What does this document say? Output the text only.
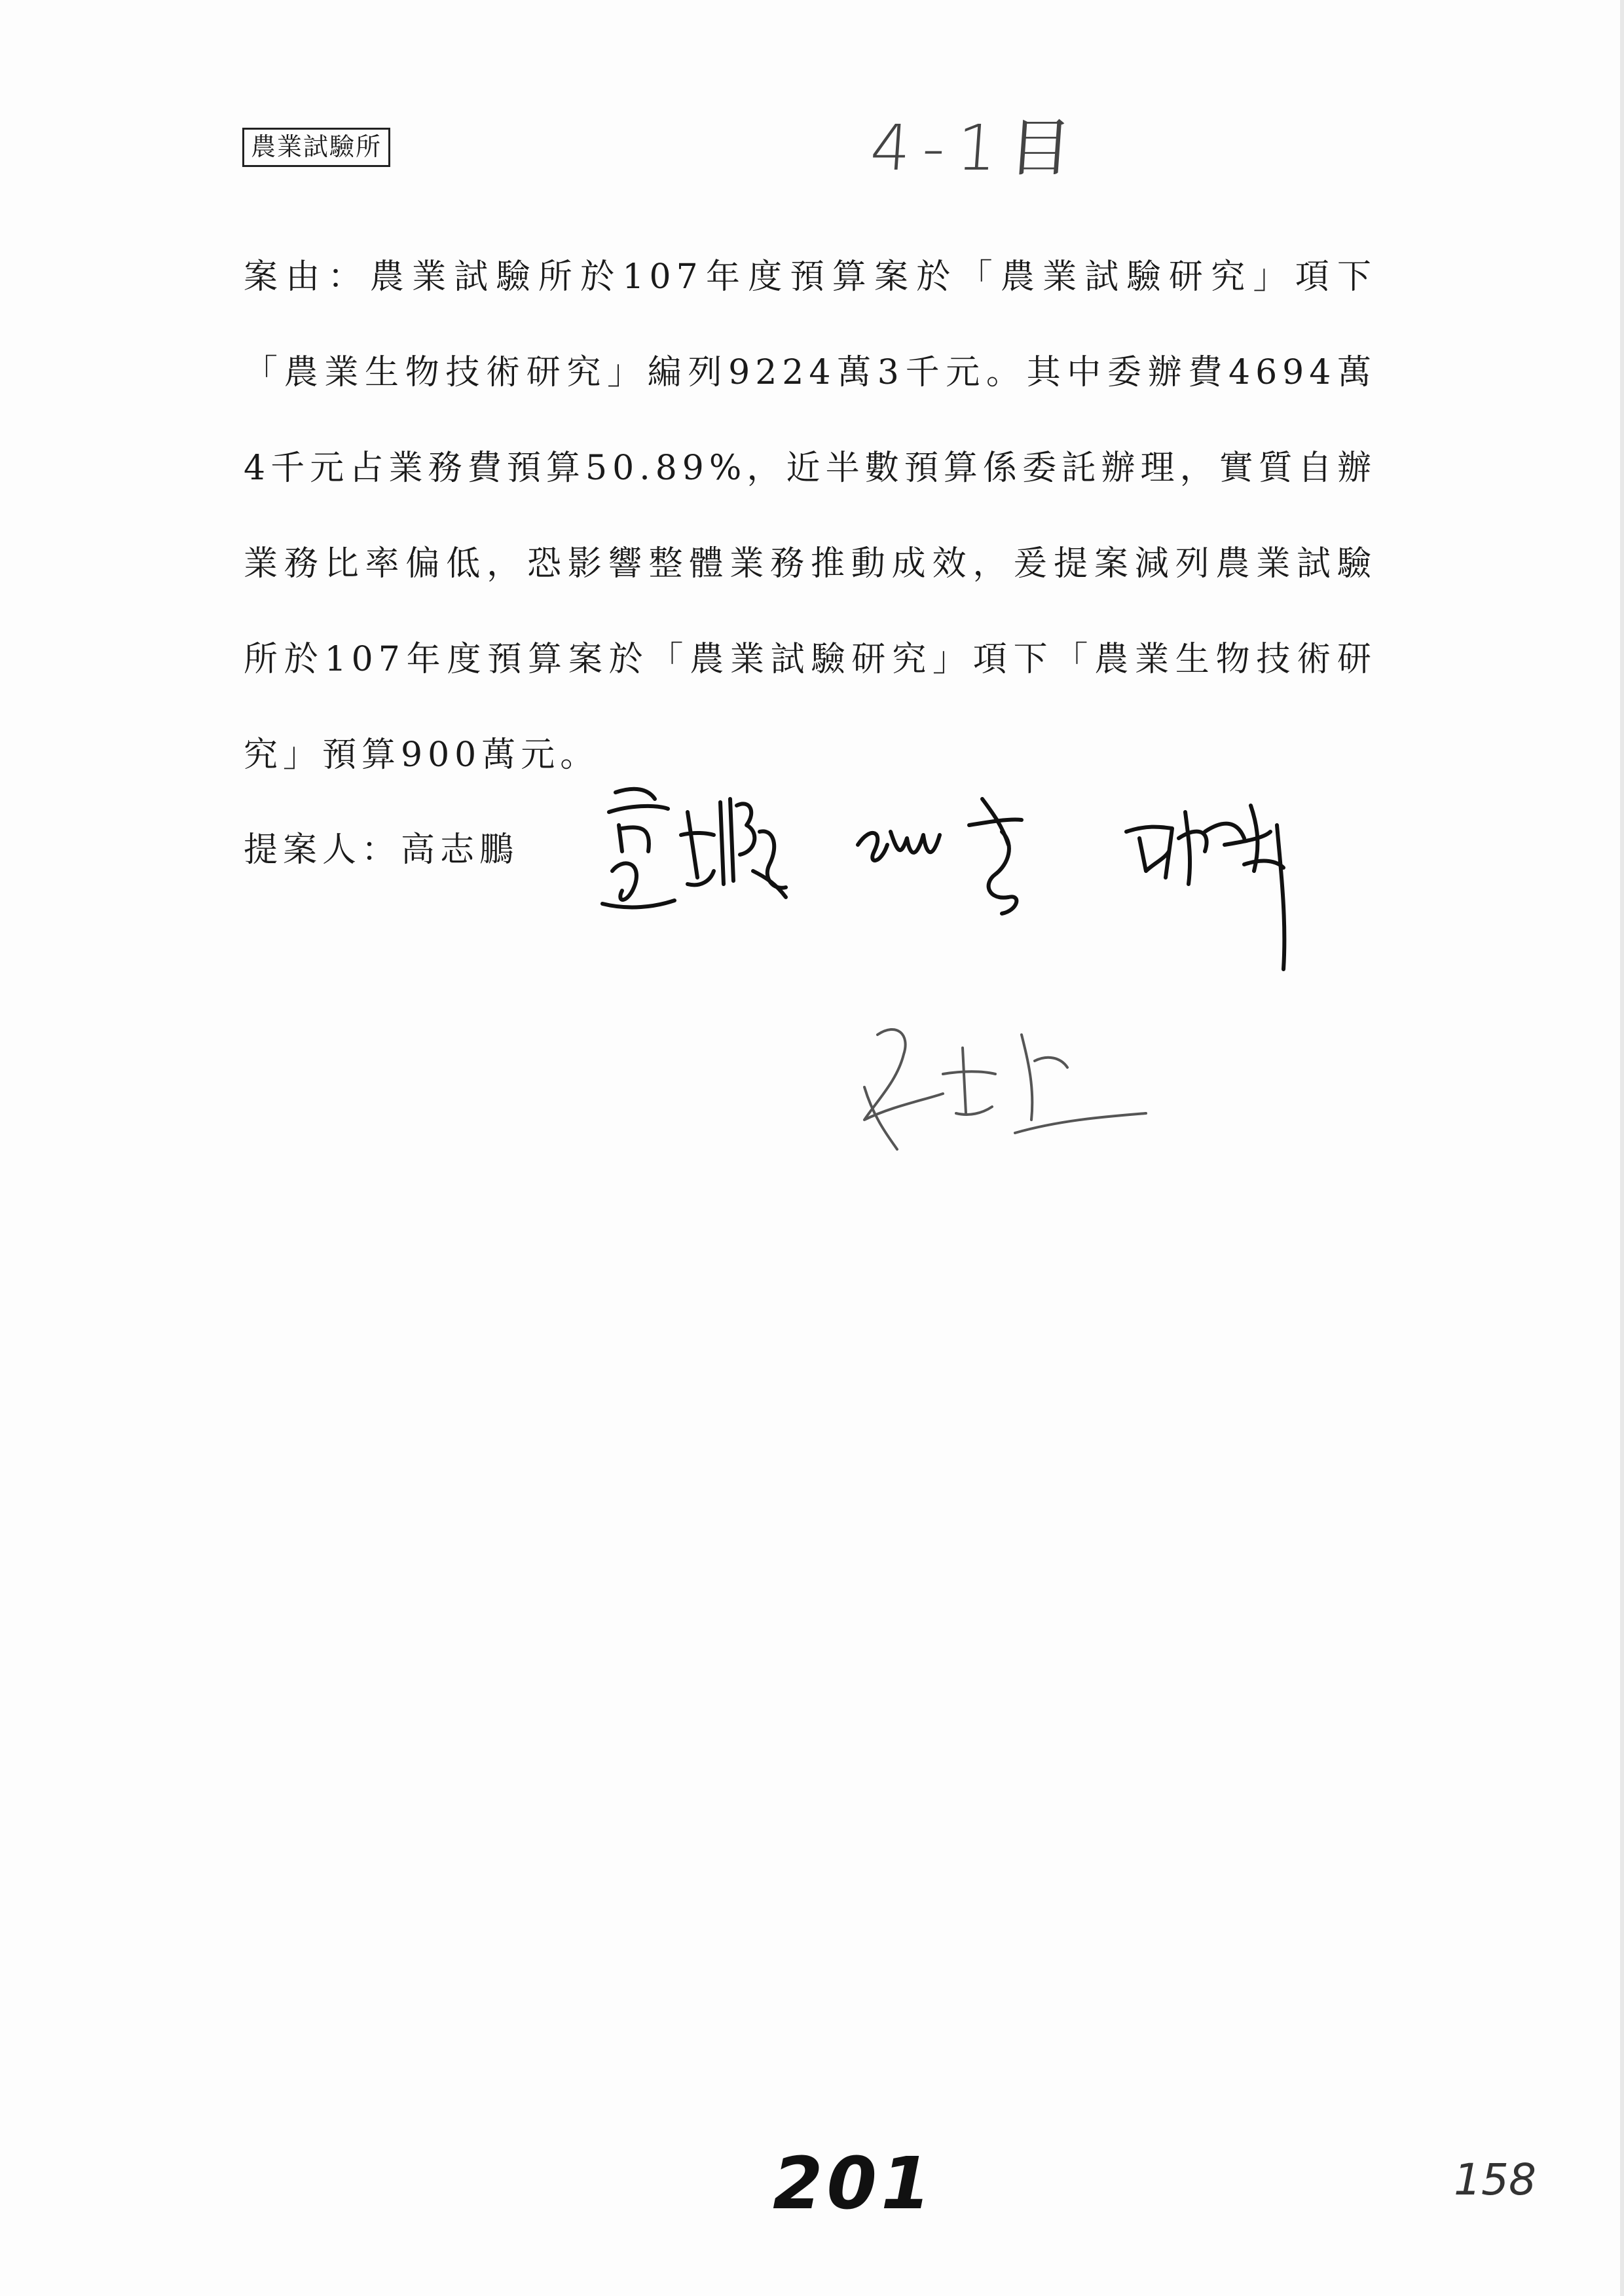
農業試驗所	4-1目
案由：農業試驗所於107年度預算案於「農業試驗研究」項下「農業生物技術研究」編列9224萬3千元。其中委辦費4694萬4千元占業務費預算50.89%，近半數預算係委託辦理，實質自辦業務比率偏低，恐影響整體業務推動成效，爰提案減列農業試驗所於107年度預算案於「農業試驗研究」項下「農業生物技術研究」預算900萬元。
提案人：高志鵬
201	158
